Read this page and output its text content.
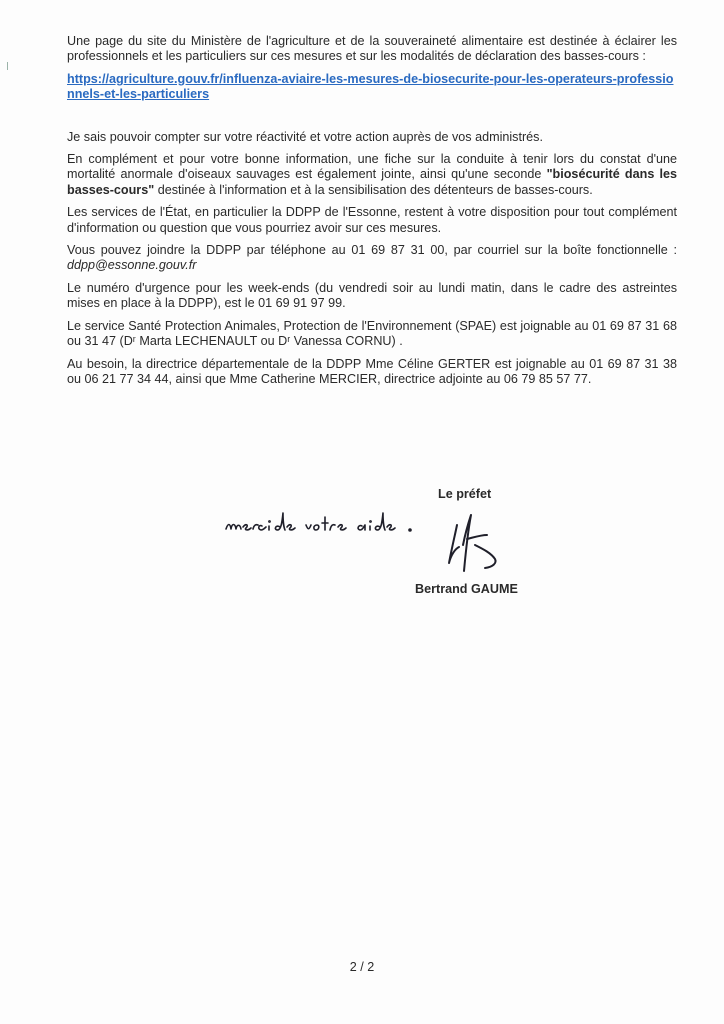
Une page du site du Ministère de l'agriculture et de la souveraineté alimentaire est destinée à éclairer les professionnels et les particuliers sur ces mesures et sur les modalités de déclaration des basses-cours :

https://agriculture.gouv.fr/influenza-aviaire-les-mesures-de-biosecurite-pour-les-operateurs-professionnels-et-les-particuliers

Je sais pouvoir compter sur votre réactivité et votre action auprès de vos administrés.

En complément et pour votre bonne information, une fiche sur la conduite à tenir lors du constat d'une mortalité anormale d'oiseaux sauvages est également jointe, ainsi qu'une seconde "biosécurité dans les basses-cours" destinée à l'information et à la sensibilisation des détenteurs de basses-cours.

Les services de l'État, en particulier la DDPP de l'Essonne, restent à votre disposition pour tout complément d'information ou question que vous pourriez avoir sur ces mesures.

Vous pouvez joindre la DDPP par téléphone au 01 69 87 31 00, par courriel sur la boîte fonctionnelle : ddpp@essonne.gouv.fr

Le numéro d'urgence pour les week-ends (du vendredi soir au lundi matin, dans le cadre des astreintes mises en place à la DDPP), est le 01 69 91 97 99.

Le service Santé Protection Animales, Protection de l'Environnement (SPAE) est joignable au 01 69 87 31 68 ou 31 47 (Dʳ Marta LECHENAULT ou Dʳ Vanessa CORNU) .

Au besoin, la directrice départementale de la DDPP Mme Céline GERTER est joignable au 01 69 87 31 38 ou 06 21 77 34 44, ainsi que Mme Catherine MERCIER, directrice adjointe au 06 79 85 57 77.

Le préfet
Bertrand GAUME
2 / 2
